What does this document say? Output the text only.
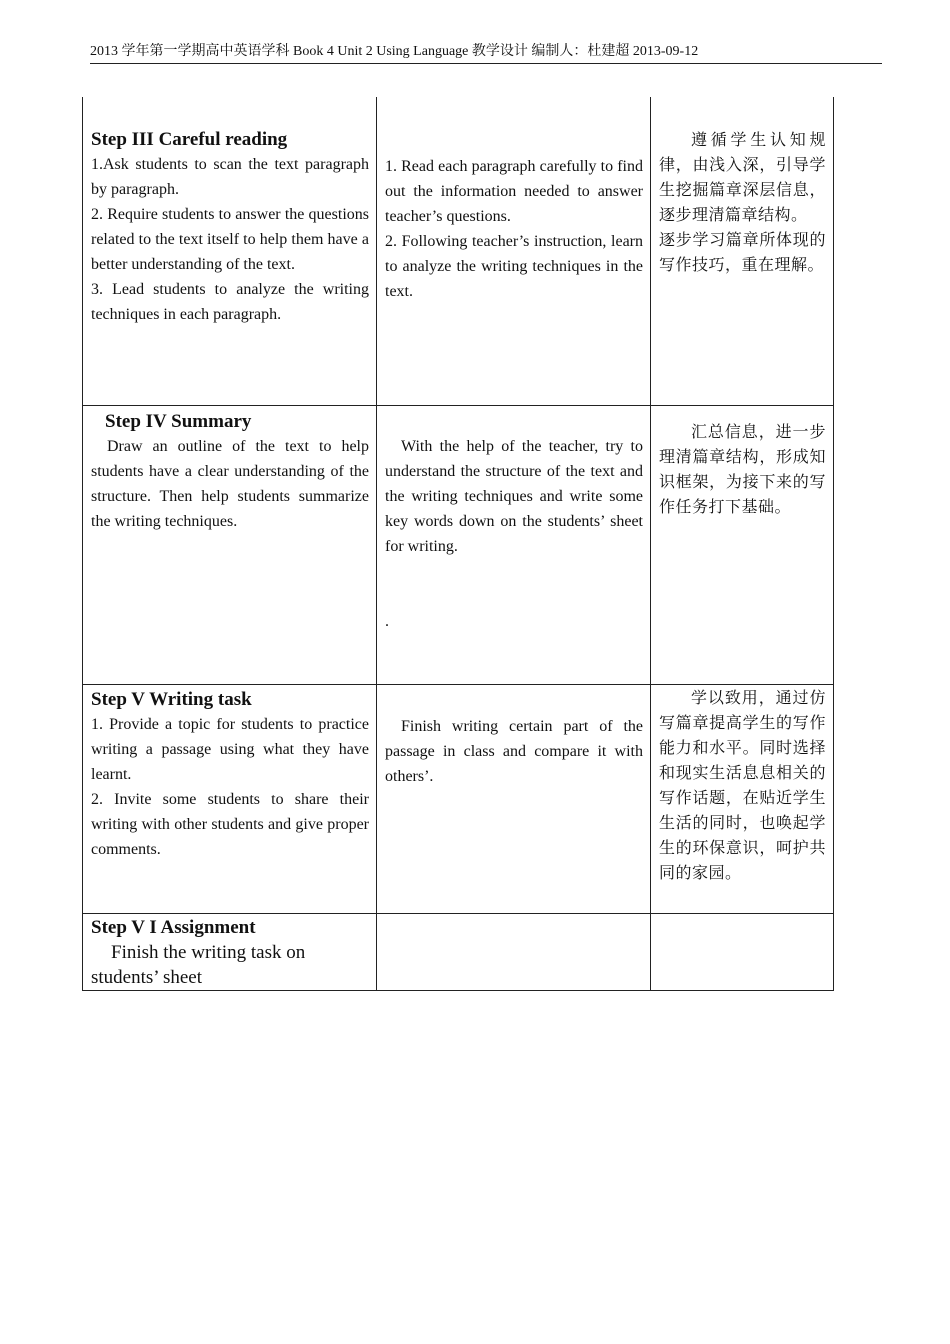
2013 学年第一学期高中英语学科 Book 4 Unit 2 Using Language 教学设计 编制人：杜建超 2013-09-12
Step III Careful reading

1.Ask students to scan the text paragraph by paragraph.

2. Require students to answer the questions related to the text itself to help them have a better understanding of the text.

3. Lead students to analyze the writing techniques in each paragraph.

1. Read each paragraph carefully to find out the information needed to answer teacher’s questions.

2. Following teacher’s instruction, learn to analyze the writing techniques in the text.

遵循学生认知规律，由浅入深，引导学生挖掘篇章深层信息，逐步理清篇章结构。

逐步学习篇章所体现的写作技巧，重在理解。

Step IV Summary

Draw an outline of the text to help students have a clear understanding of the structure. Then help students summarize the writing techniques.

With the help of the teacher, try to understand the structure of the text and the writing techniques and write some key words down on the students’ sheet for writing.

.

汇总信息，进一步理清篇章结构，形成知识框架，为接下来的写作任务打下基础。

Step V Writing task

1. Provide a topic for students to practice writing a passage using what they have learnt.

2. Invite some students to share their writing with other students and give proper comments.

Finish writing certain part of the passage in class and compare it with others’.

学以致用，通过仿写篇章提高学生的写作能力和水平。同时选择和现实生活息息相关的写作话题，在贴近学生生活的同时，也唤起学生的环保意识，呵护共同的家园。

Step V I Assignment

Finish the writing task on students’ sheet
